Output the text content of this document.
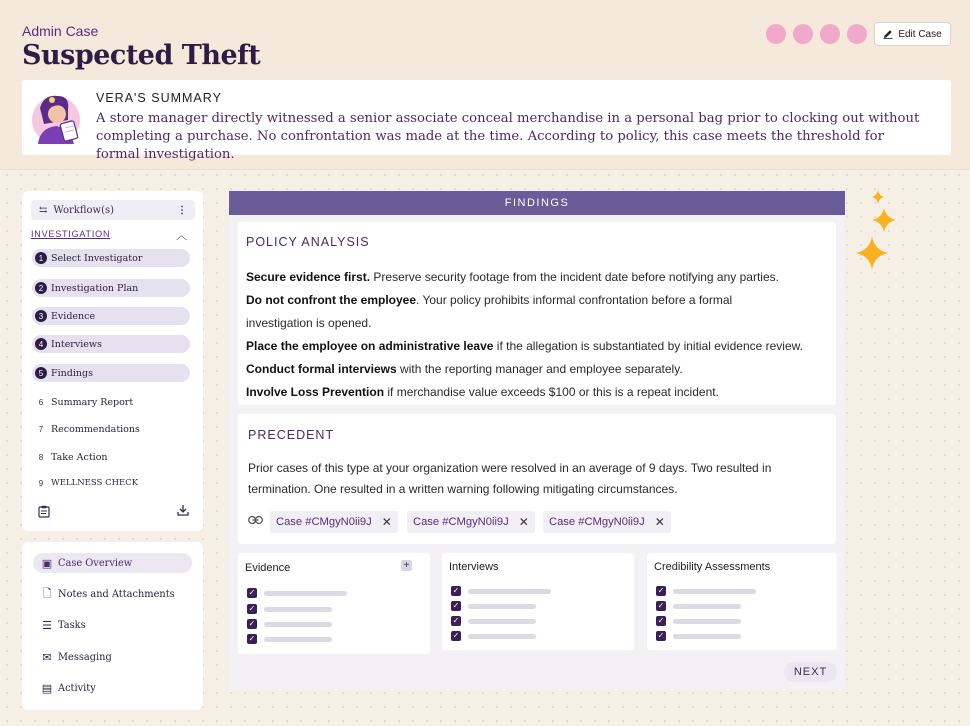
Admin Case
Suspected Theft
Edit Case
VERA'S SUMMARY
A store manager directly witnessed a senior associate conceal merchandise in a personal bag prior to clocking out without completing a purchase. No confrontation was made at the time. According to policy, this case meets the threshold for formal investigation.
⇆ Workflow(s)	⋮
INVESTIGATION	︿
1 Select Investigator
2 Investigation Plan
3 Evidence
4 Interviews
5 Findings
6 Summary Report
7 Recommendations
8 Take Action
9 WELLNESS CHECK
▣ Case Overview
🗋 Notes and Attachments
☰ Tasks
✉ Messaging
▤ Activity
FINDINGS
POLICY ANALYSIS
Secure evidence first. Preserve security footage from the incident date before notifying any parties.
Do not confront the employee. Your policy prohibits informal confrontation before a formal
investigation is opened.
Place the employee on administrative leave if the allegation is substantiated by initial evidence review.
Conduct formal interviews with the reporting manager and employee separately.
Involve Loss Prevention if merchandise value exceeds $100 or this is a repeat incident.
PRECEDENT
Prior cases of this type at your organization were resolved in an average of 9 days. Two resulted in termination. One resulted in a written warning following mitigating circumstances.
Case #CMgyN0ii9J ✕ Case #CMgyN0ii9J ✕ Case #CMgyN0ii9J ✕
Evidence	+
✓
✓
✓
✓
Interviews
✓
✓
✓
✓
Credibility Assessments
✓
✓
✓
✓
NEXT
